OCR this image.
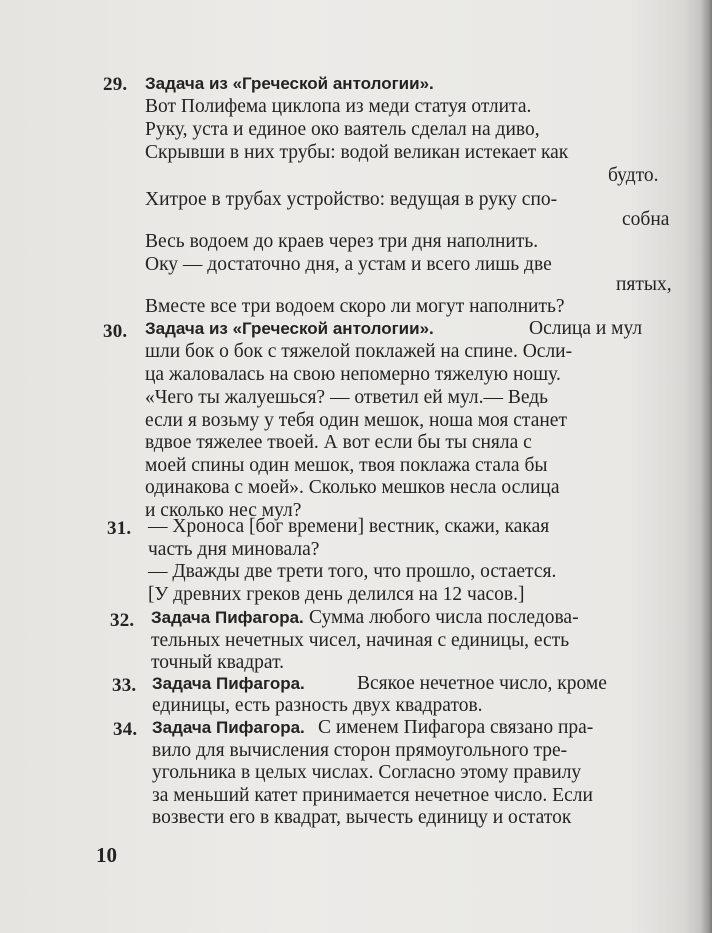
29. Задача из «Греческой антологии».
Вот Полифема циклопа из меди статуя отлита.
Руку, уста и единое око ваятель сделал на диво,
Скрывши в них трубы: водой великан истекает как
будто.
Хитрое в трубах устройство: ведущая в руку спо-
собна
Весь водоем до краев через три дня наполнить.
Оку — достаточно дня, а устам и всего лишь две
пятых,
Вместе все три водоем скоро ли могут наполнить?
30. Задача из «Греческой антологии».	Ослица и мул
шли бок о бок с тяжелой поклажей на спине. Осли-
ца жаловалась на свою непомерно тяжелую ношу.
«Чего ты жалуешься? — ответил ей мул.— Ведь
если я возьму у тебя один мешок, ноша моя станет
вдвое тяжелее твоей. А вот если бы ты сняла с
моей спины один мешок, твоя поклажа стала бы
одинакова с моей». Сколько мешков несла ослица
и сколько нес мул?
31. — Хроноса [бог времени] вестник, скажи, какая
часть дня миновала?
— Дважды две трети того, что прошло, остается.
[У древних греков день делился на 12 часов.]
32. Задача Пифагора. Сумма любого числа последова-
тельных нечетных чисел, начиная с единицы, есть
точный квадрат.
33. Задача Пифагора.	Всякое нечетное число, кроме
единицы, есть разность двух квадратов.
34. Задача Пифагора. С именем Пифагора связано пра-
вило для вычисления сторон прямоугольного тре-
угольника в целых числах. Согласно этому правилу
за меньший катет принимается нечетное число. Если
возвести его в квадрат, вычесть единицу и остаток
10
